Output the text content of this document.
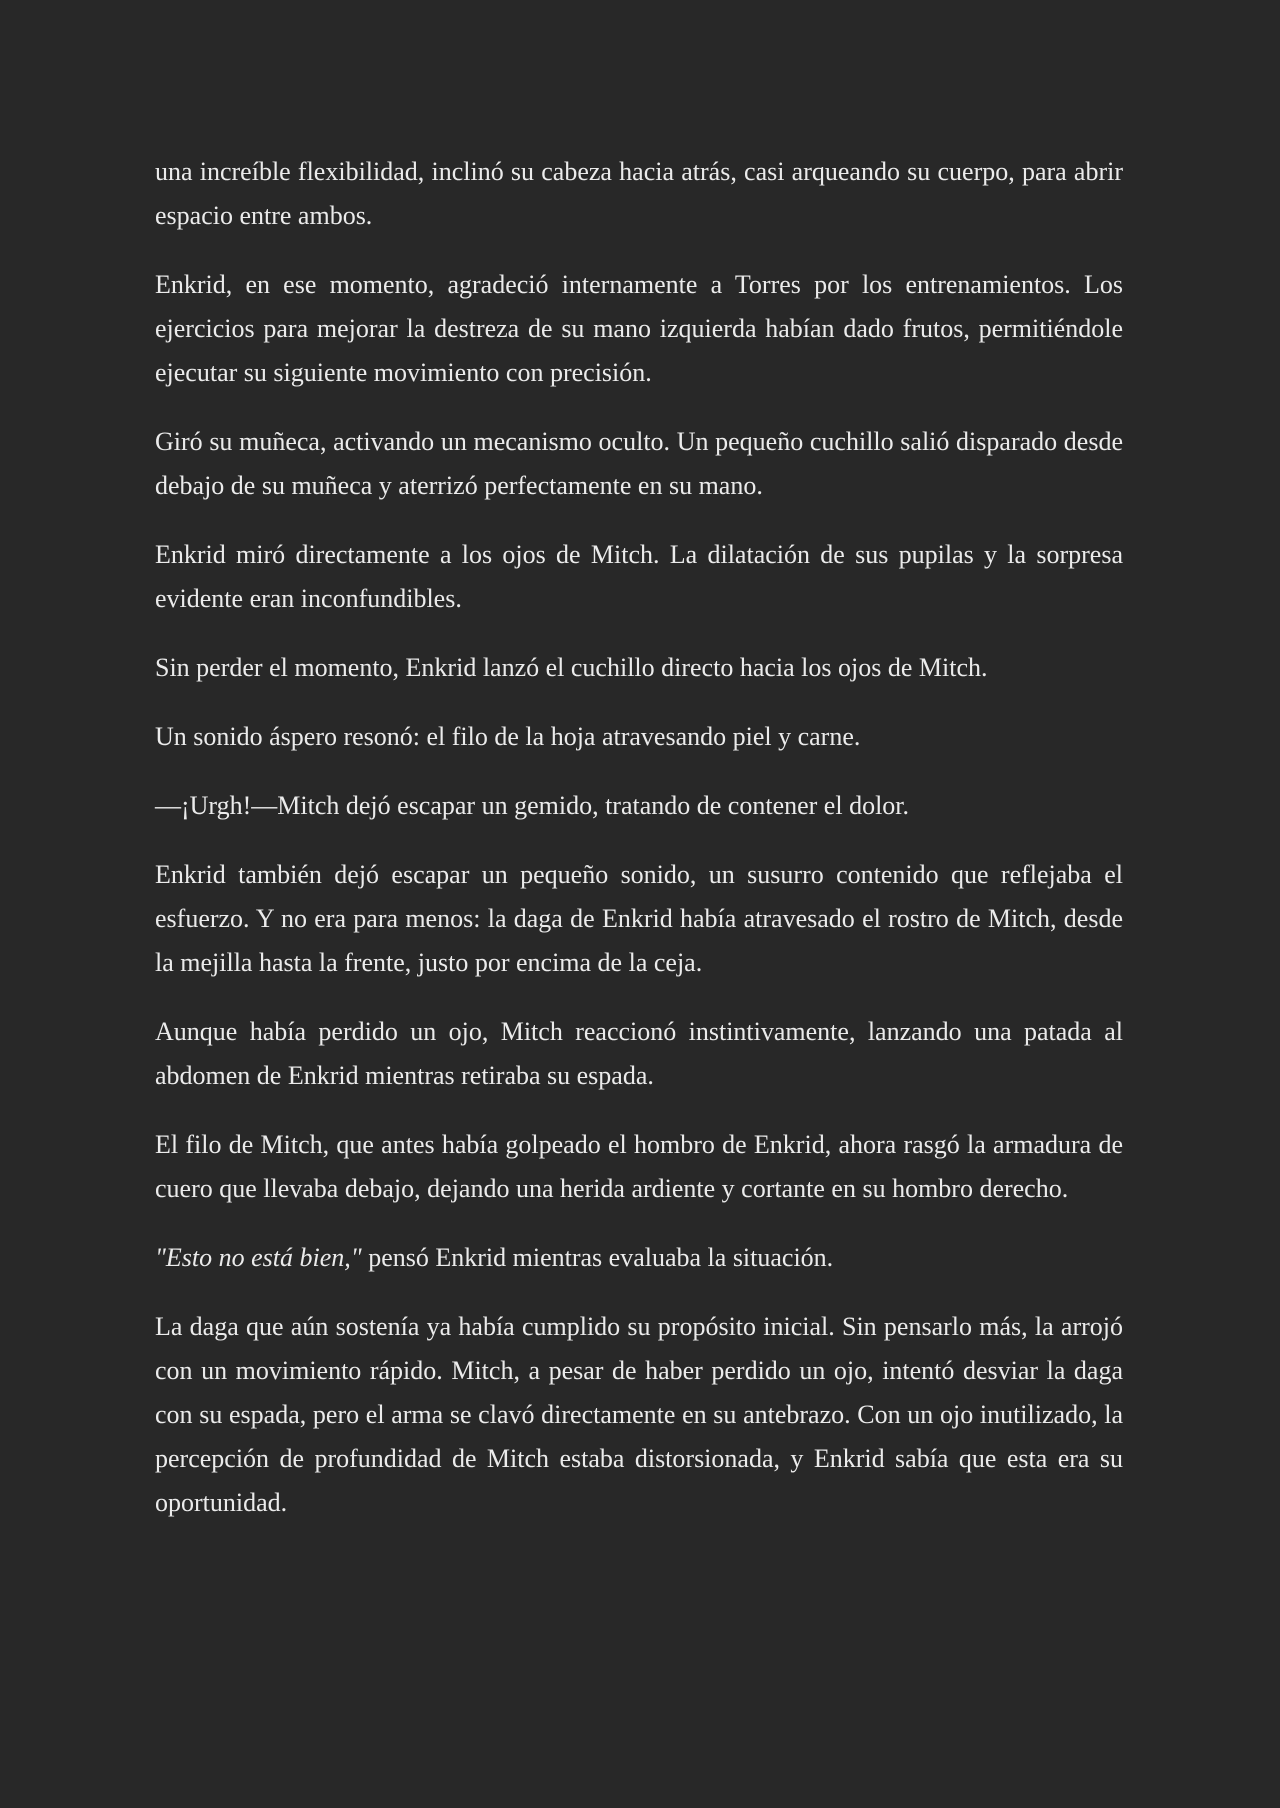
una increíble flexibilidad, inclinó su cabeza hacia atrás, casi arqueando su cuerpo, para abrir espacio entre ambos.

Enkrid, en ese momento, agradeció internamente a Torres por los entrenamientos. Los ejercicios para mejorar la destreza de su mano izquierda habían dado frutos, permitiéndole ejecutar su siguiente movimiento con precisión.

Giró su muñeca, activando un mecanismo oculto. Un pequeño cuchillo salió disparado desde debajo de su muñeca y aterrizó perfectamente en su mano.

Enkrid miró directamente a los ojos de Mitch. La dilatación de sus pupilas y la sorpresa evidente eran inconfundibles.

Sin perder el momento, Enkrid lanzó el cuchillo directo hacia los ojos de Mitch.

Un sonido áspero resonó: el filo de la hoja atravesando piel y carne.

—¡Urgh!—Mitch dejó escapar un gemido, tratando de contener el dolor.

Enkrid también dejó escapar un pequeño sonido, un susurro contenido que reflejaba el esfuerzo. Y no era para menos: la daga de Enkrid había atravesado el rostro de Mitch, desde la mejilla hasta la frente, justo por encima de la ceja.

Aunque había perdido un ojo, Mitch reaccionó instintivamente, lanzando una patada al abdomen de Enkrid mientras retiraba su espada.

El filo de Mitch, que antes había golpeado el hombro de Enkrid, ahora rasgó la armadura de cuero que llevaba debajo, dejando una herida ardiente y cortante en su hombro derecho.

"Esto no está bien," pensó Enkrid mientras evaluaba la situación.

La daga que aún sostenía ya había cumplido su propósito inicial. Sin pensarlo más, la arrojó con un movimiento rápido. Mitch, a pesar de haber perdido un ojo, intentó desviar la daga con su espada, pero el arma se clavó directamente en su antebrazo. Con un ojo inutilizado, la percepción de profundidad de Mitch estaba distorsionada, y Enkrid sabía que esta era su oportunidad.
